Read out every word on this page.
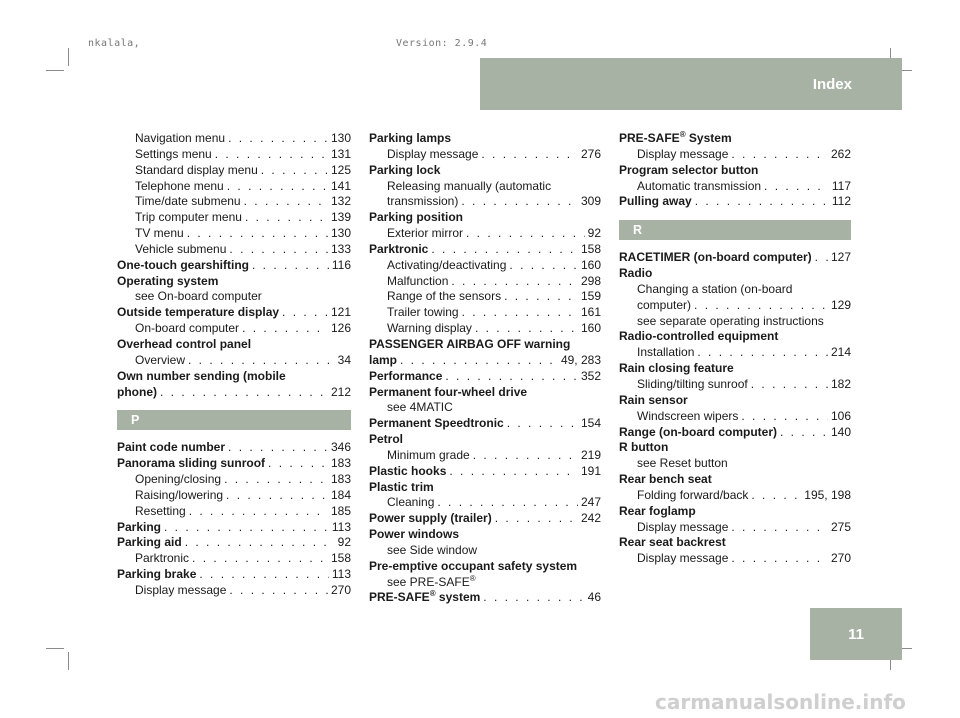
nkalala,	Version: 2.9.4
Index
Navigation menu . . .	130
Settings menu . . .	131
Standard display menu . . .	125
Telephone menu . . .	141
Time/date submenu . . .	132
Trip computer menu . . .	139
TV menu . . .	130
Vehicle submenu . . .	133
One-touch gearshifting . . .	116
Operating system
see On-board computer
Outside temperature display . . .	121
On-board computer . . .	126
Overhead control panel
Overview . . .	34
Own number sending (mobile
phone) . . .	212
P
Paint code number . . .	346
Panorama sliding sunroof . . .	183
Opening/closing . . .	183
Raising/lowering . . .	184
Resetting . . .	185
Parking . . .	113
Parking aid . . .	92
Parktronic . . .	158
Parking brake . . .	113
Display message . . .	270
Parking lamps
Display message . . .	276
Parking lock
Releasing manually (automatic
transmission) . . .	309
Parking position
Exterior mirror . . .	92
Parktronic . . .	158
Activating/deactivating . . .	160
Malfunction . . .	298
Range of the sensors . . .	159
Trailer towing . . .	161
Warning display . . .	160
PASSENGER AIRBAG OFF warning
lamp . . .	49, 283
Performance . . .	352
Permanent four-wheel drive
see 4MATIC
Permanent Speedtronic . . .	154
Petrol
Minimum grade . . .	219
Plastic hooks . . .	191
Plastic trim
Cleaning . . .	247
Power supply (trailer) . . .	242
Power windows
see Side window
Pre-emptive occupant safety system
see PRE-SAFE®
PRE-SAFE® system . . .	46
PRE-SAFE® System
Display message . . .	262
Program selector button
Automatic transmission . . .	117
Pulling away . . .	112
R
RACETIMER (on-board computer) . . . 127
Radio
Changing a station (on-board
computer) . . .	129
see separate operating instructions
Radio-controlled equipment
Installation . . .	214
Rain closing feature
Sliding/tilting sunroof . . .	182
Rain sensor
Windscreen wipers . . .	106
Range (on-board computer) . . .	140
R button
see Reset button
Rear bench seat
Folding forward/back . . .	195, 198
Rear foglamp
Display message . . .	275
Rear seat backrest
Display message . . .	270
11
carmanualsonline.info
